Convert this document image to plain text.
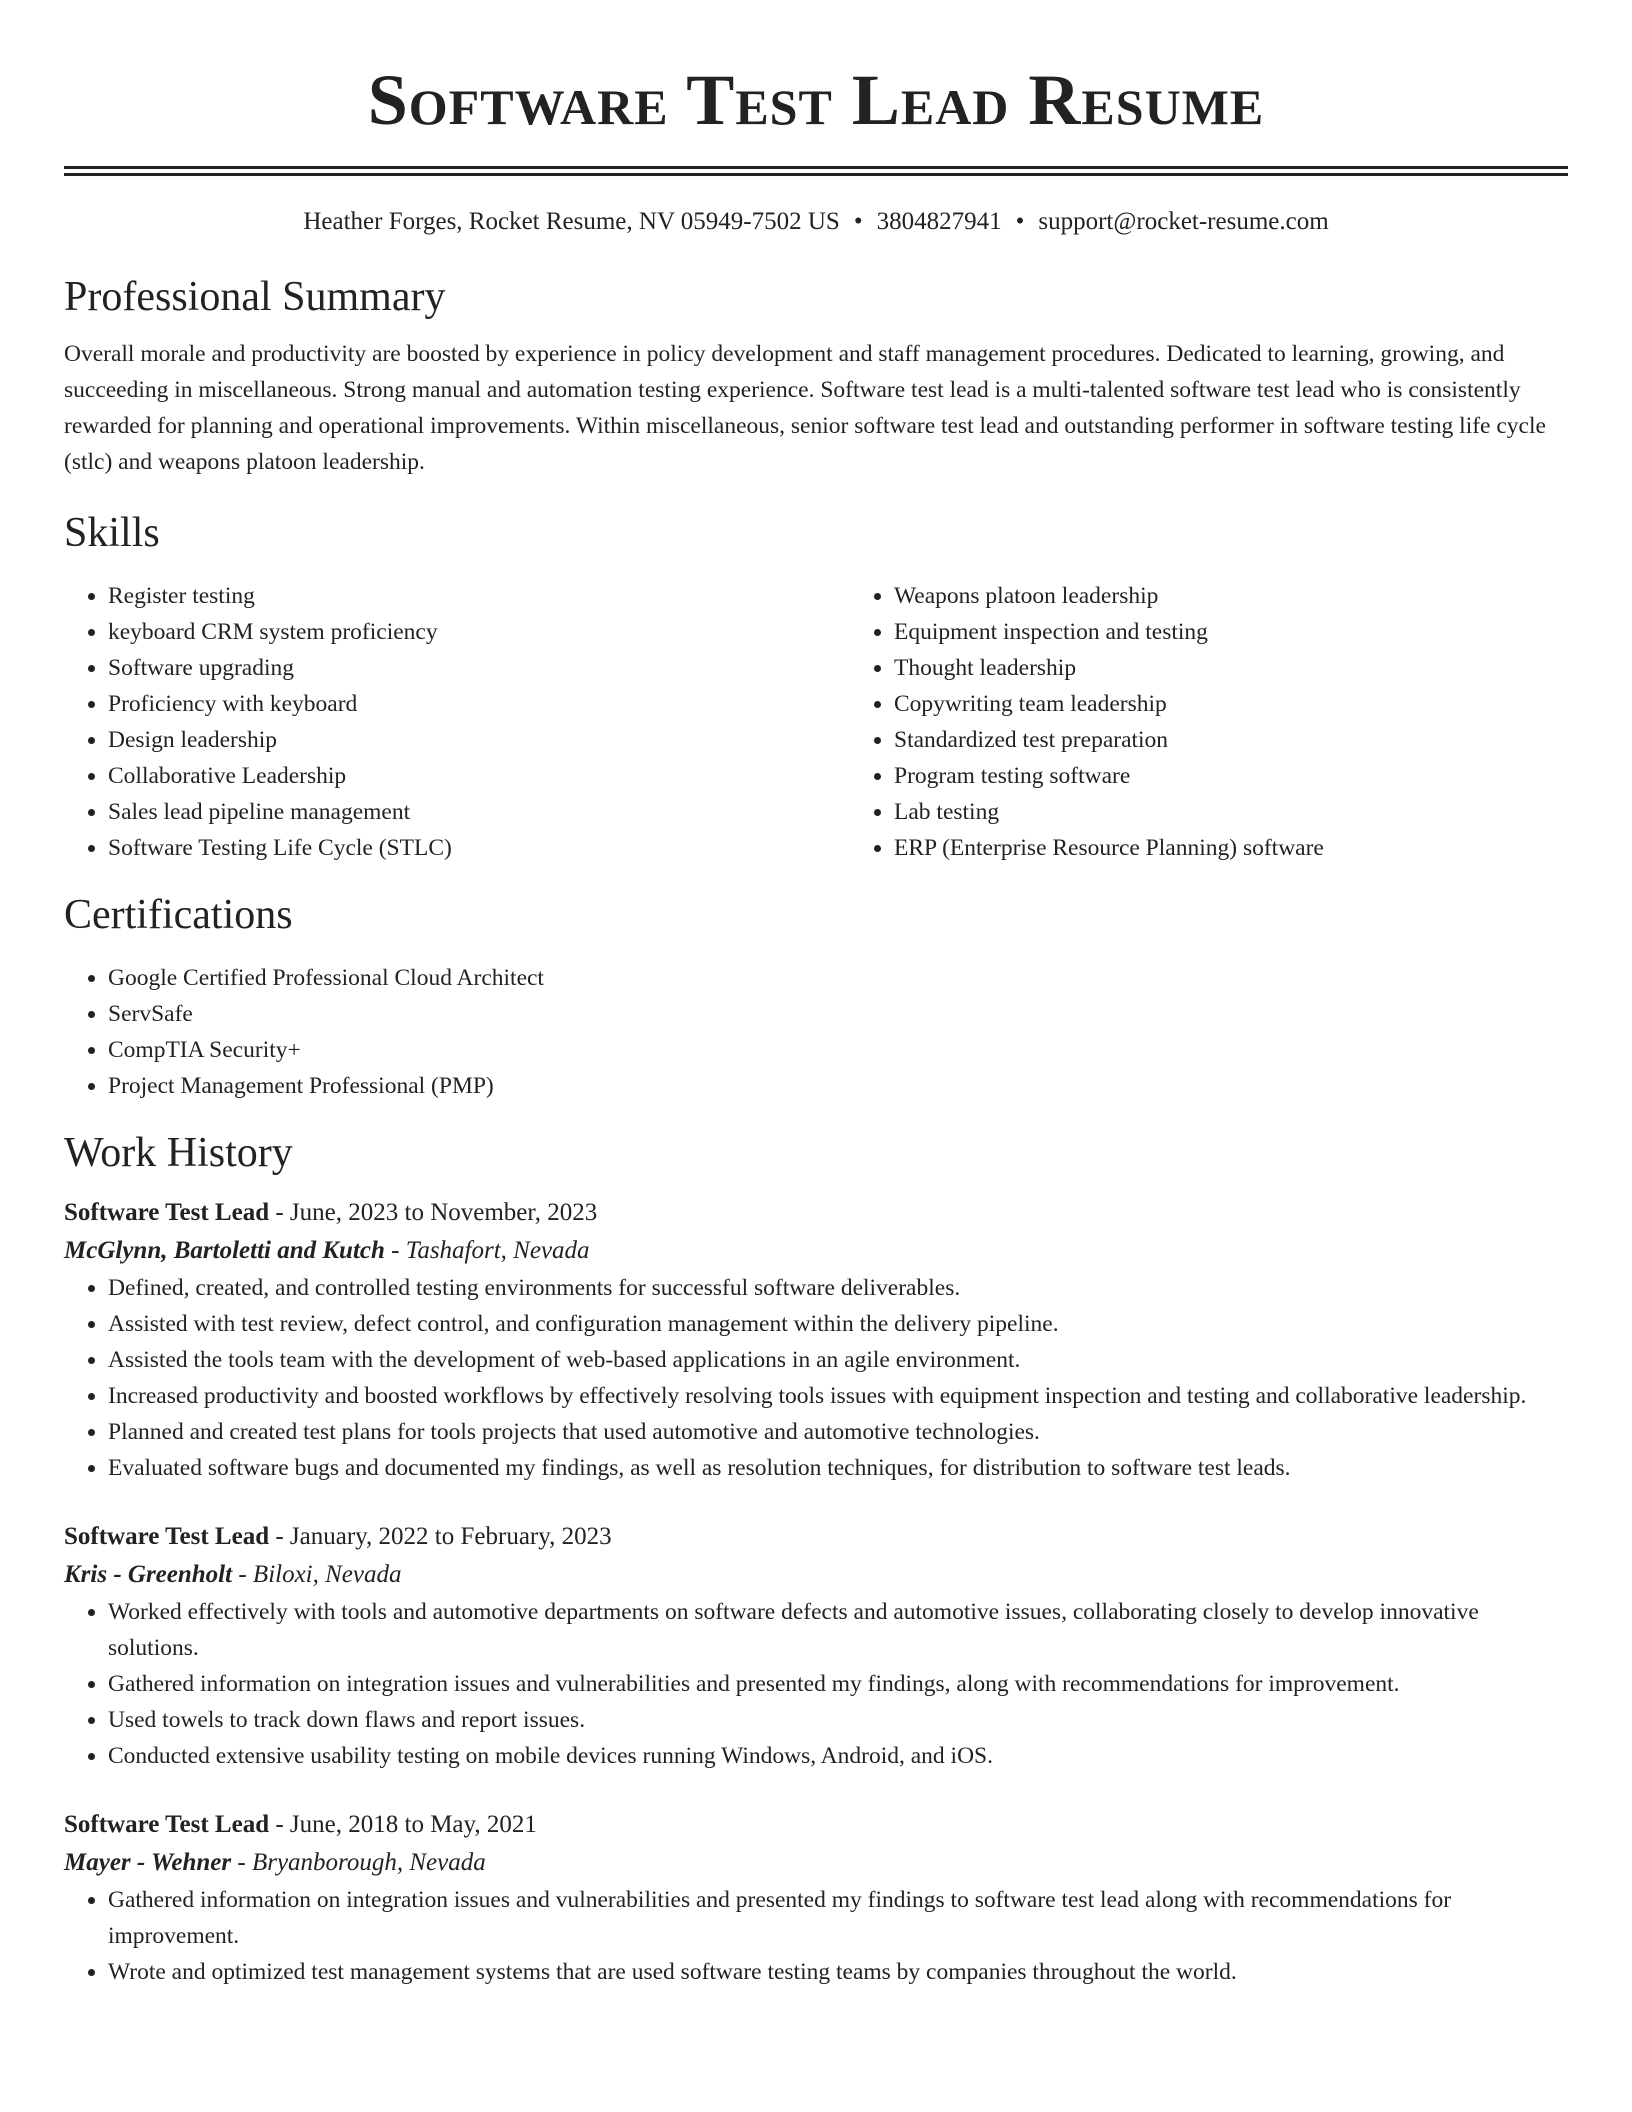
Software Test Lead Resume
Heather Forges, Rocket Resume, NV 05949-7502 US • 3804827941 • support@rocket-resume.com
Professional Summary

Overall morale and productivity are boosted by experience in policy development and staff management procedures. Dedicated to learning, growing, and succeeding in miscellaneous. Strong manual and automation testing experience. Software test lead is a multi-talented software test lead who is consistently rewarded for planning and operational improvements. Within miscellaneous, senior software test lead and outstanding performer in software testing life cycle (stlc) and weapons platoon leadership.

Skills
• Register testing
• keyboard CRM system proficiency
• Software upgrading
• Proficiency with keyboard
• Design leadership
• Collaborative Leadership
• Sales lead pipeline management
• Software Testing Life Cycle (STLC)
• Weapons platoon leadership
• Equipment inspection and testing
• Thought leadership
• Copywriting team leadership
• Standardized test preparation
• Program testing software
• Lab testing
• ERP (Enterprise Resource Planning) software
Certifications
• Google Certified Professional Cloud Architect
• ServSafe
• CompTIA Security+
• Project Management Professional (PMP)
Work History
Software Test Lead - June, 2023 to November, 2023
McGlynn, Bartoletti and Kutch - Tashafort, Nevada
• Defined, created, and controlled testing environments for successful software deliverables.
• Assisted with test review, defect control, and configuration management within the delivery pipeline.
• Assisted the tools team with the development of web-based applications in an agile environment.
• Increased productivity and boosted workflows by effectively resolving tools issues with equipment inspection and testing and collaborative leadership.
• Planned and created test plans for tools projects that used automotive and automotive technologies.
• Evaluated software bugs and documented my findings, as well as resolution techniques, for distribution to software test leads.
Software Test Lead - January, 2022 to February, 2023
Kris - Greenholt - Biloxi, Nevada
• Worked effectively with tools and automotive departments on software defects and automotive issues, collaborating closely to develop innovative solutions.
• Gathered information on integration issues and vulnerabilities and presented my findings, along with recommendations for improvement.
• Used towels to track down flaws and report issues.
• Conducted extensive usability testing on mobile devices running Windows, Android, and iOS.
Software Test Lead - June, 2018 to May, 2021
Mayer - Wehner - Bryanborough, Nevada
• Gathered information on integration issues and vulnerabilities and presented my findings to software test lead along with recommendations for improvement.
• Wrote and optimized test management systems that are used software testing teams by companies throughout the world.
